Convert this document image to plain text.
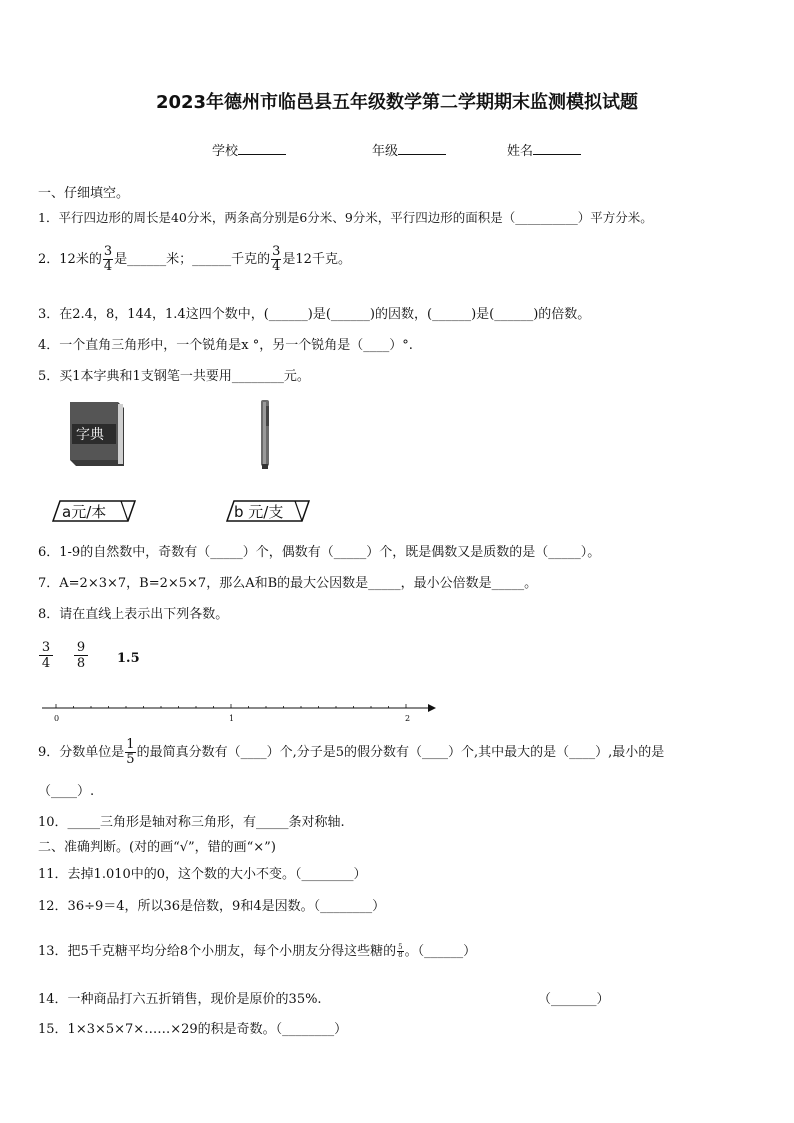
2023年德州市临邑县五年级数学第二学期期末监测模拟试题
学校	年级	姓名
一、仔细填空。
1．平行四边形的周长是40分米，两条高分别是6分米、9分米，平行四边形的面积是（__________）平方分米。
2．12米的 $\frac{3}{4}$ 是______米；______千克的 $\frac{3}{4}$ 是12千克。
3．在2.4，8，144，1.4这四个数中，(______)是(______)的因数，(______)是(______)的倍数。
4．一个直角三角形中，一个锐角是x °，另一个锐角是（____）°.
5．买1本字典和1支钢笔一共要用________元。
字典
a元/本	b 元/支
6．1-9的自然数中，奇数有（_____）个，偶数有（_____）个，既是偶数又是质数的是（_____）。
7．A=2×3×7，B=2×5×7，那么A和B的最大公因数是_____，最小公倍数是_____。
8．请在直线上表示出下列各数。
$\frac{3}{4} \frac{9}{8} 1.5$
0	1	2
9．分数单位是 $\frac{1}{5}$ 的最简真分数有（____）个,分子是5的假分数有（____）个,其中最大的是（____）,最小的是
（____）.
10．_____三角形是轴对称三角形，有_____条对称轴.
二、准确判断。(对的画“√”，错的画“×”)
11．去掉1.010中的0，这个数的大小不变。（________）
12．36÷9＝4，所以36是倍数，9和4是因数。（________）
13．把5千克糖平均分给8个小朋友，每个小朋友分得这些糖的 $\frac{5}{8}$ 。（______）
14．一种商品打六五折销售，现价是原价的35%.	（_______）
15．1×3×5×7×……×29的积是奇数。（________）
